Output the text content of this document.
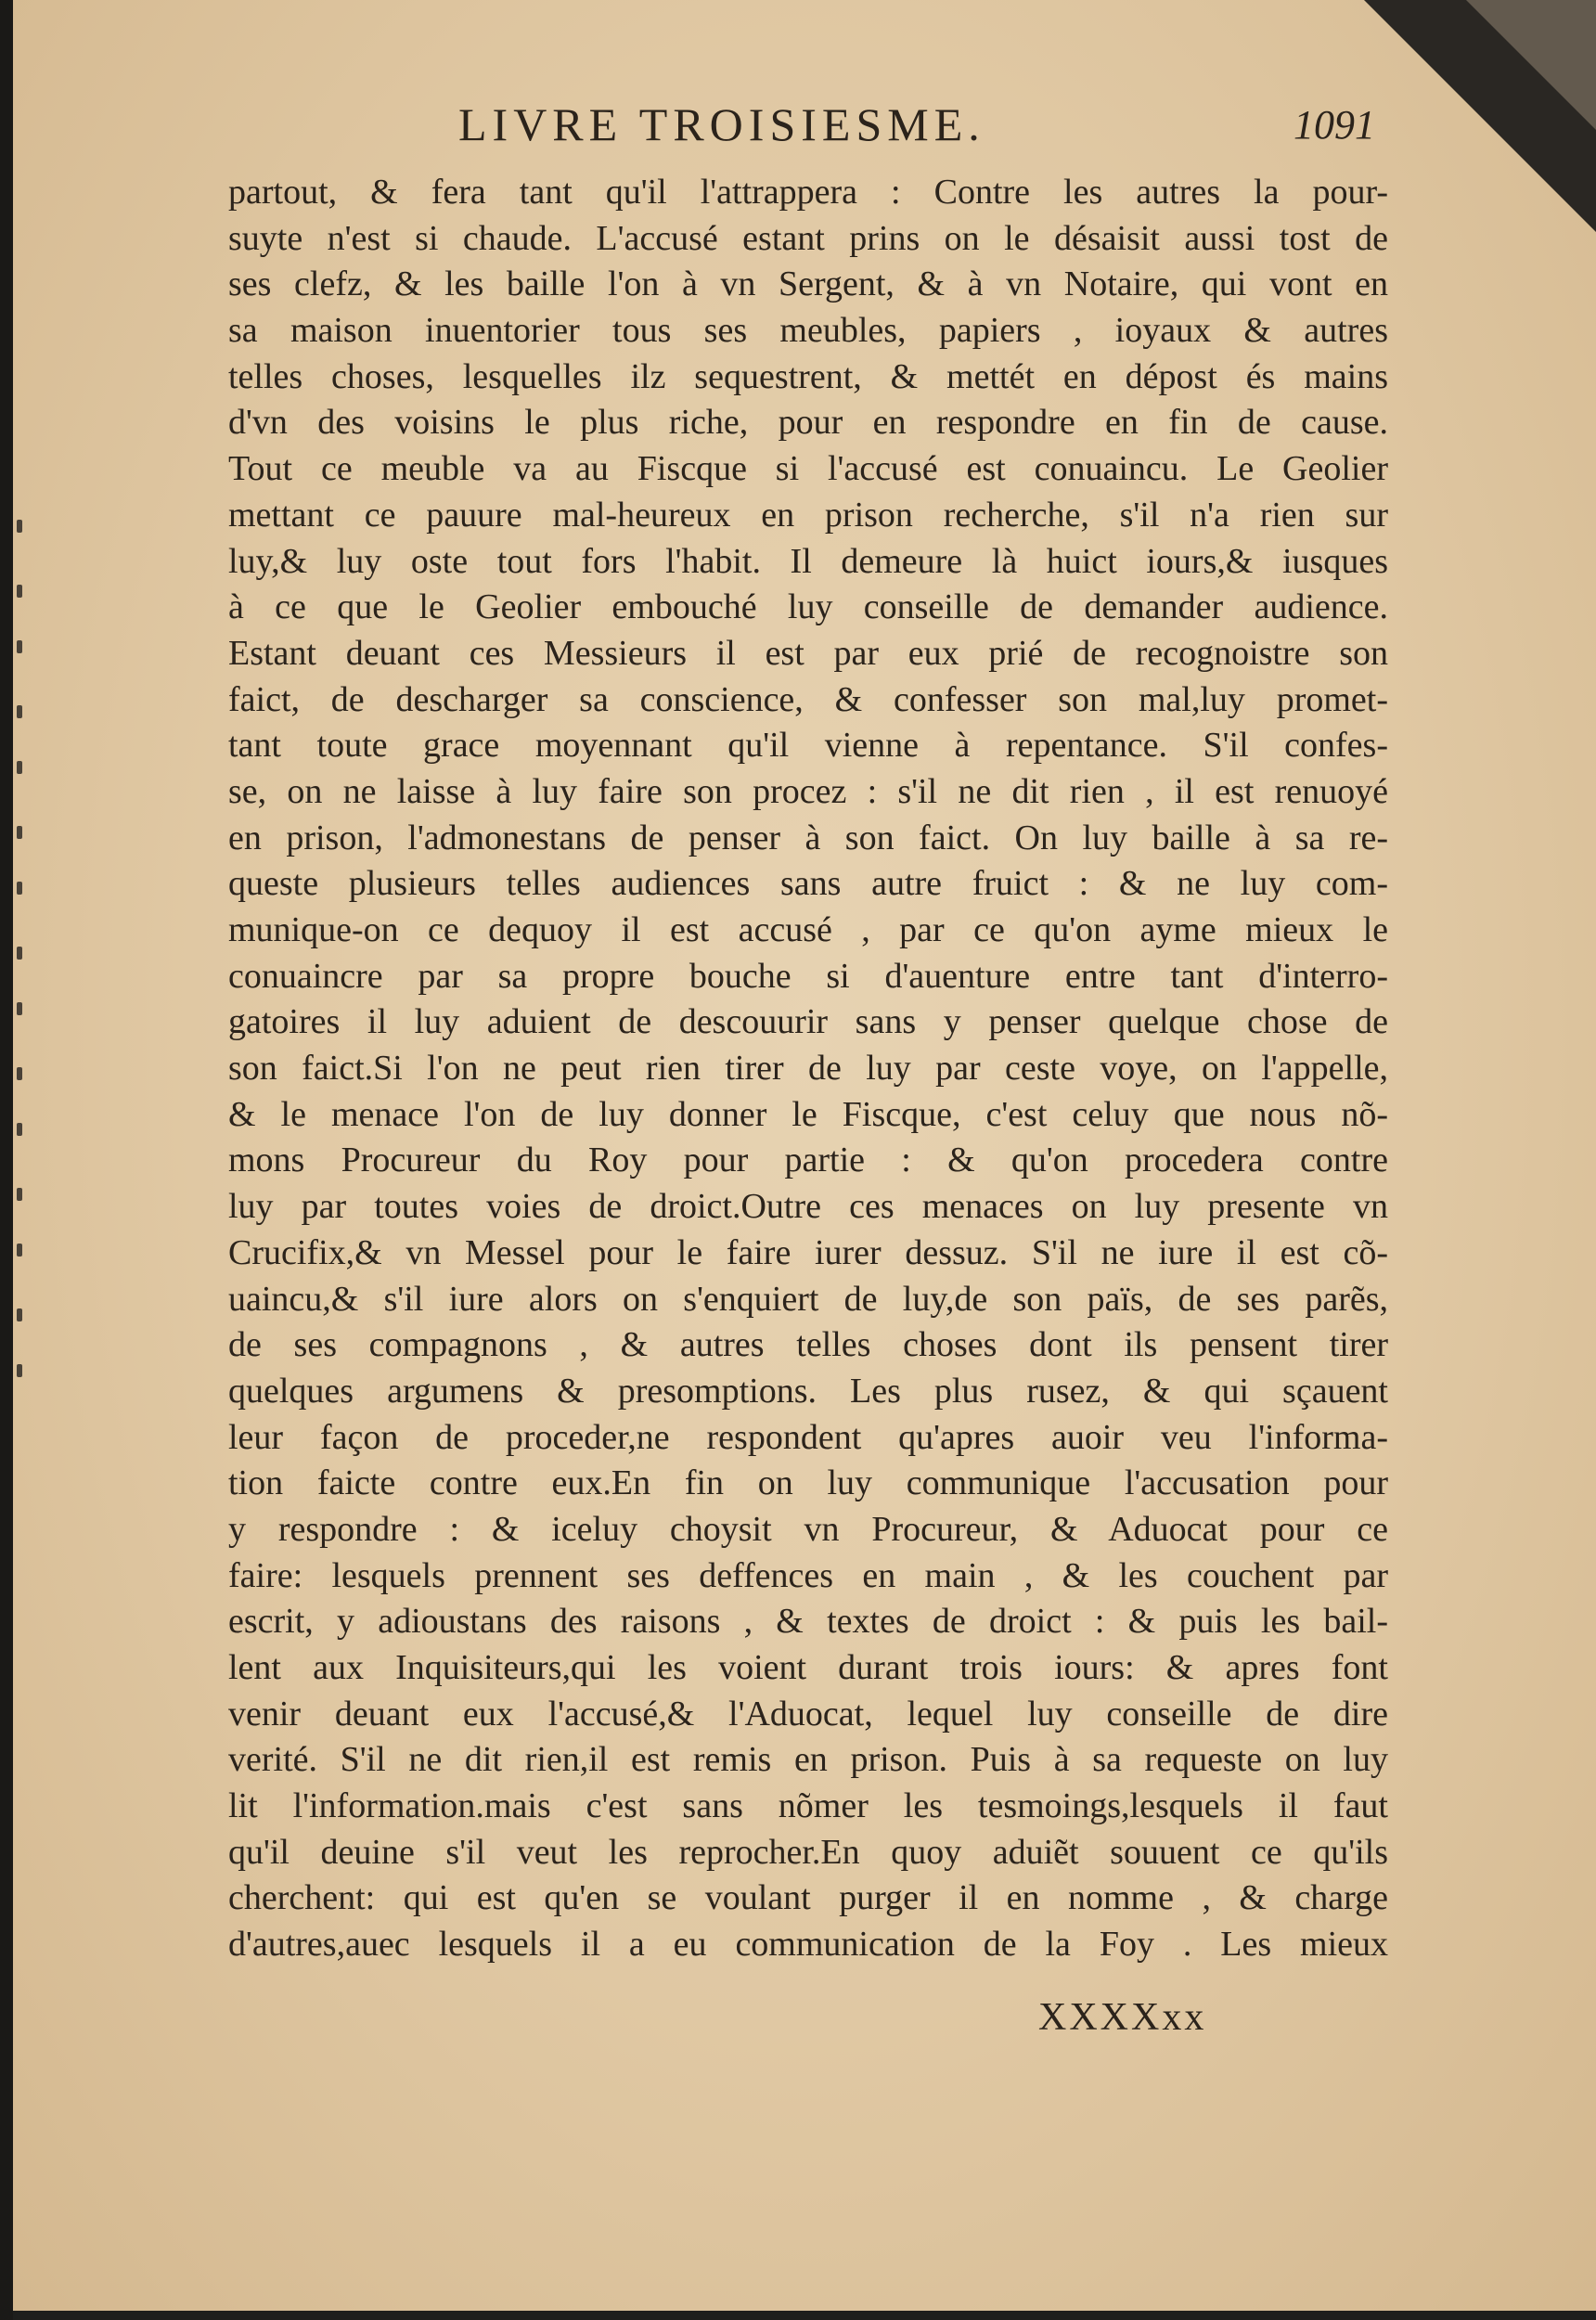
LIVRE TROISIESME.	1091
partout, & fera tant qu'il l'attrappera : Contre les autres la pour-
suyte n'est si chaude. L'accusé estant prins on le désaisit aussi tost de
ses clefz, & les baille l'on à vn Sergent, & à vn Notaire, qui vont en
sa maison inuentorier tous ses meubles, papiers , ioyaux & autres
telles choses, lesquelles ilz sequestrent, & mettét en dépost és mains
d'vn des voisins le plus riche, pour en respondre en fin de cause.
Tout ce meuble va au Fiscque si l'accusé est conuaincu. Le Geolier
mettant ce pauure mal-heureux en prison recherche, s'il n'a rien sur
luy,& luy oste tout fors l'habit. Il demeure là huict iours,& iusques
à ce que le Geolier embouché luy conseille de demander audience.
Estant deuant ces Messieurs il est par eux prié de recognoistre son
faict, de descharger sa conscience, & confesser son mal,luy promet-
tant toute grace moyennant qu'il vienne à repentance. S'il confes-
se, on ne laisse à luy faire son procez : s'il ne dit rien , il est renuoyé
en prison, l'admonestans de penser à son faict. On luy baille à sa re-
queste plusieurs telles audiences sans autre fruict : & ne luy com-
munique-on ce dequoy il est accusé , par ce qu'on ayme mieux le
conuaincre par sa propre bouche si d'auenture entre tant d'interro-
gatoires il luy aduient de descouurir sans y penser quelque chose de
son faict.Si l'on ne peut rien tirer de luy par ceste voye, on l'appelle,
& le menace l'on de luy donner le Fiscque, c'est celuy que nous nõ-
mons Procureur du Roy pour partie : & qu'on procedera contre
luy par toutes voies de droict.Outre ces menaces on luy presente vn
Crucifix,& vn Messel pour le faire iurer dessuz. S'il ne iure il est cõ-
uaincu,& s'il iure alors on s'enquiert de luy,de son païs, de ses parẽs,
de ses compagnons , & autres telles choses dont ils pensent tirer
quelques argumens & presomptions. Les plus rusez, & qui sçauent
leur façon de proceder,ne respondent qu'apres auoir veu l'informa-
tion faicte contre eux.En fin on luy communique l'accusation pour
y respondre : & iceluy choysit vn Procureur, & Aduocat pour ce
faire: lesquels prennent ses deffences en main , & les couchent par
escrit, y adioustans des raisons , & textes de droict : & puis les bail-
lent aux Inquisiteurs,qui les voient durant trois iours: & apres font
venir deuant eux l'accusé,& l'Aduocat, lequel luy conseille de dire
verité. S'il ne dit rien,il est remis en prison. Puis à sa requeste on luy
lit l'information.mais c'est sans nõmer les tesmoings,lesquels il faut
qu'il deuine s'il veut les reprocher.En quoy aduiẽt souuent ce qu'ils
cherchent: qui est qu'en se voulant purger il en nomme , & charge
d'autres,auec lesquels il a eu communication de la Foy . Les mieux
XXXXxx
